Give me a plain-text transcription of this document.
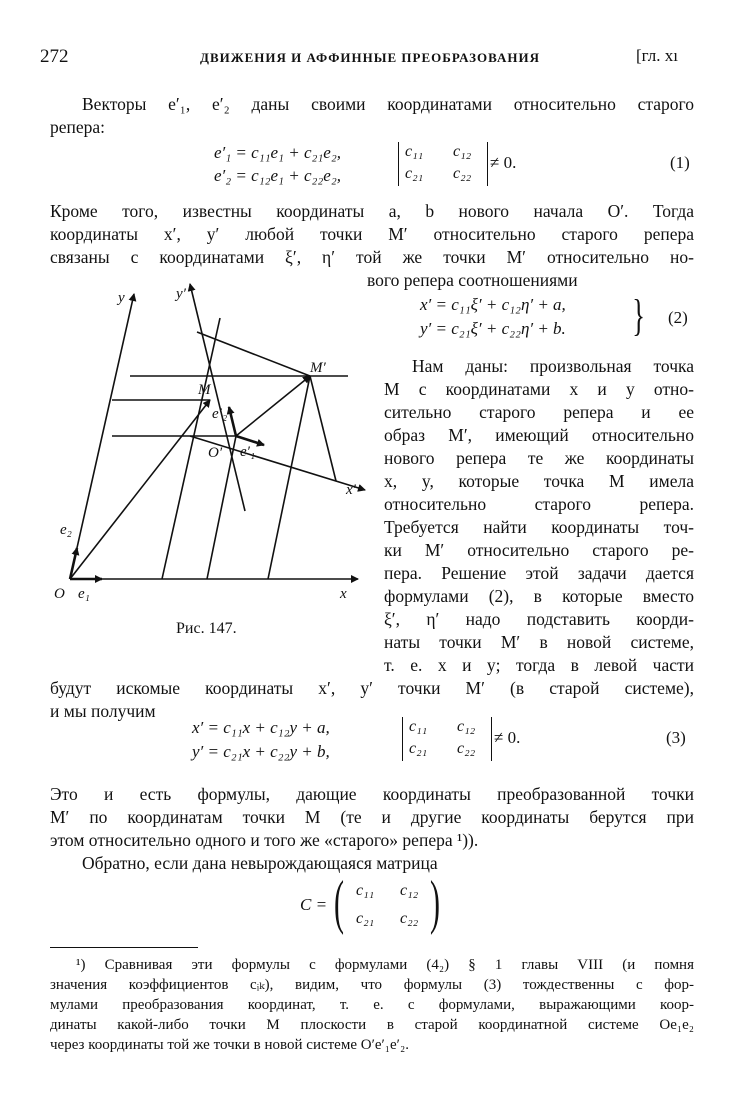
272	ДВИЖЕНИЯ И АФФИННЫЕ ПРЕОБРАЗОВАНИЯ	[гл. xı
Векторы e′₁, e′₂ даны своими координатами относительно старого
репера:
e′₁ = c₁₁e₁ + c₂₁e₂,
e′₂ = c₁₂e₁ + c₂₂e₂,
c₁₁ c₁₂
c₂₁ c₂₂
≠ 0.	(1)
Кроме того, известны координаты a, b нового начала O′. Тогда
координаты x′, y′ любой точки M′ относительно старого репера
связаны с координатами ξ′, η′ той же точки M′ относительно но-
вого репера соотношениями
x′ = c₁₁ξ′ + c₁₂η′ + a,
y′ = c₂₁ξ′ + c₂₂η′ + b. } (2)
Нам даны: произвольная точка
M с координатами x и y отно-
сительно старого репера и ее
образ M′, имеющий относительно
нового репера те же координаты
x, y, которые точка M имела
относительно старого репера.
Требуется найти координаты точ-
ки M′ относительно старого ре-
пера. Решение этой задачи дается
формулами (2), в которые вместо
ξ′, η′ надо подставить коорди-
наты точки M′ в новой системе,
т. е. x и y; тогда в левой части
будут искомые координаты x′, y′ точки M′ (в старой системе),
и мы получим
y	y′
M
M′
e′₂
O′ e′₁
x′
e₂
O e₁	x
Рис. 147.
x′ = c₁₁x + c₁₂y + a,
y′ = c₂₁x + c₂₂y + b,
c₁₁ c₁₂
c₂₁ c₂₂
≠ 0.	(3)
Это и есть формулы, дающие координаты преобразованной точки
M′ по координатам точки M (те и другие координаты берутся при
этом относительно одного и того же «старого» репера ¹)).
Обратно, если дана невырождающаяся матрица
C = ( c₁₁ c₁₂
c₂₁ c₂₂ )
¹) Сравнивая эти формулы с формулами (4₂) § 1 главы VIII (и помня
значения коэффициентов cᵢₖ), видим, что формулы (3) тождественны с фор-
мулами преобразования координат, т. е. с формулами, выражающими коор-
динаты какой-либо точки M плоскости в старой координатной системе Oe₁e₂
через координаты той же точки в новой системе O′e′₁e′₂.
